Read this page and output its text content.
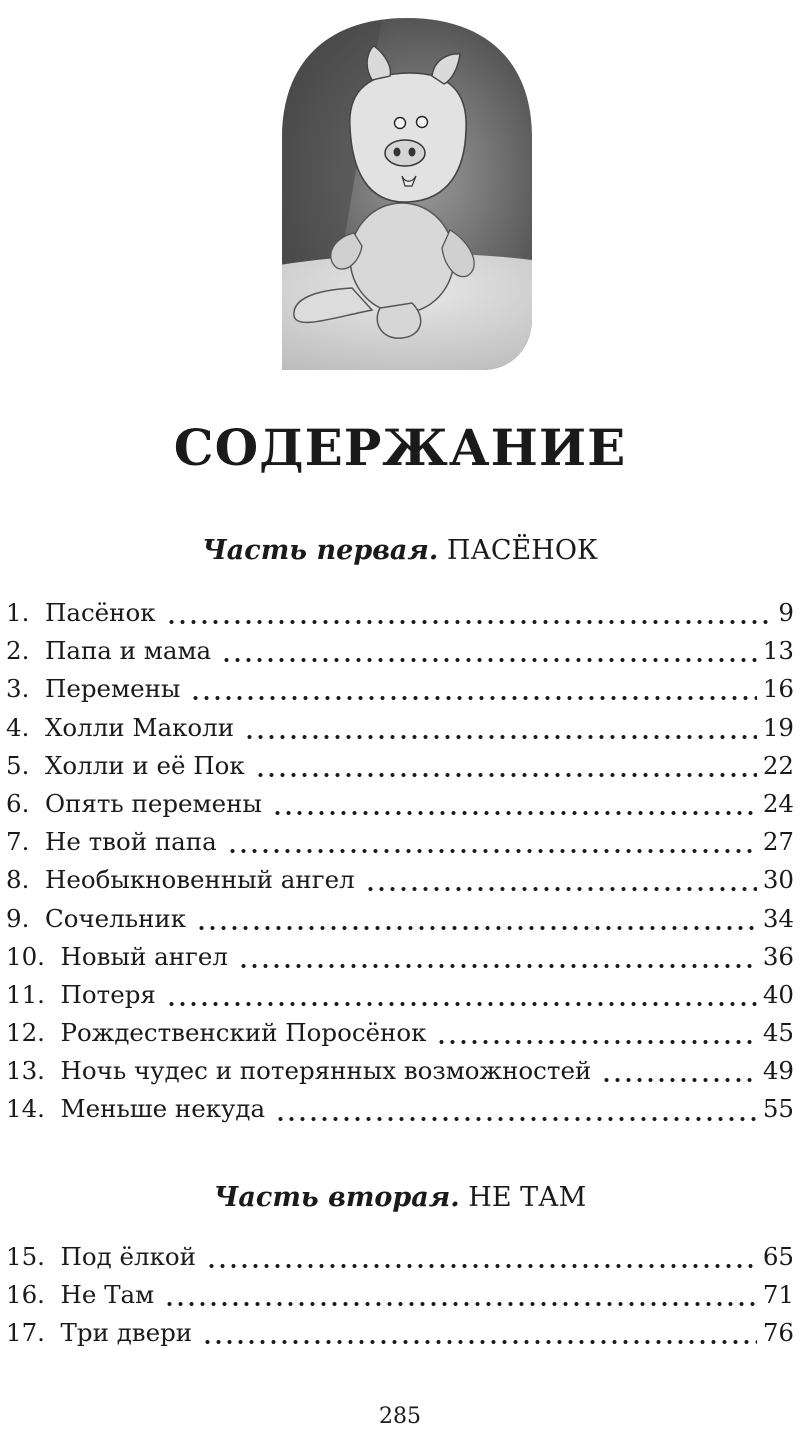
СОДЕРЖАНИЕ
Часть первая. ПАСЁНОК
1. Пасёнок	9
2. Папа и мама	13
3. Перемены	16
4. Холли Маколи	19
5. Холли и её Пок	22
6. Опять перемены	24
7. Не твой папа	27
8. Необыкновенный ангел	30
9. Сочельник	34
10. Новый ангел	36
11. Потеря	40
12. Рождественский Поросёнок	45
13. Ночь чудес и потерянных возможностей	49
14. Меньше некуда	55
Часть вторая. НЕ ТАМ
15. Под ёлкой	65
16. Не Там	71
17. Три двери	76
285
